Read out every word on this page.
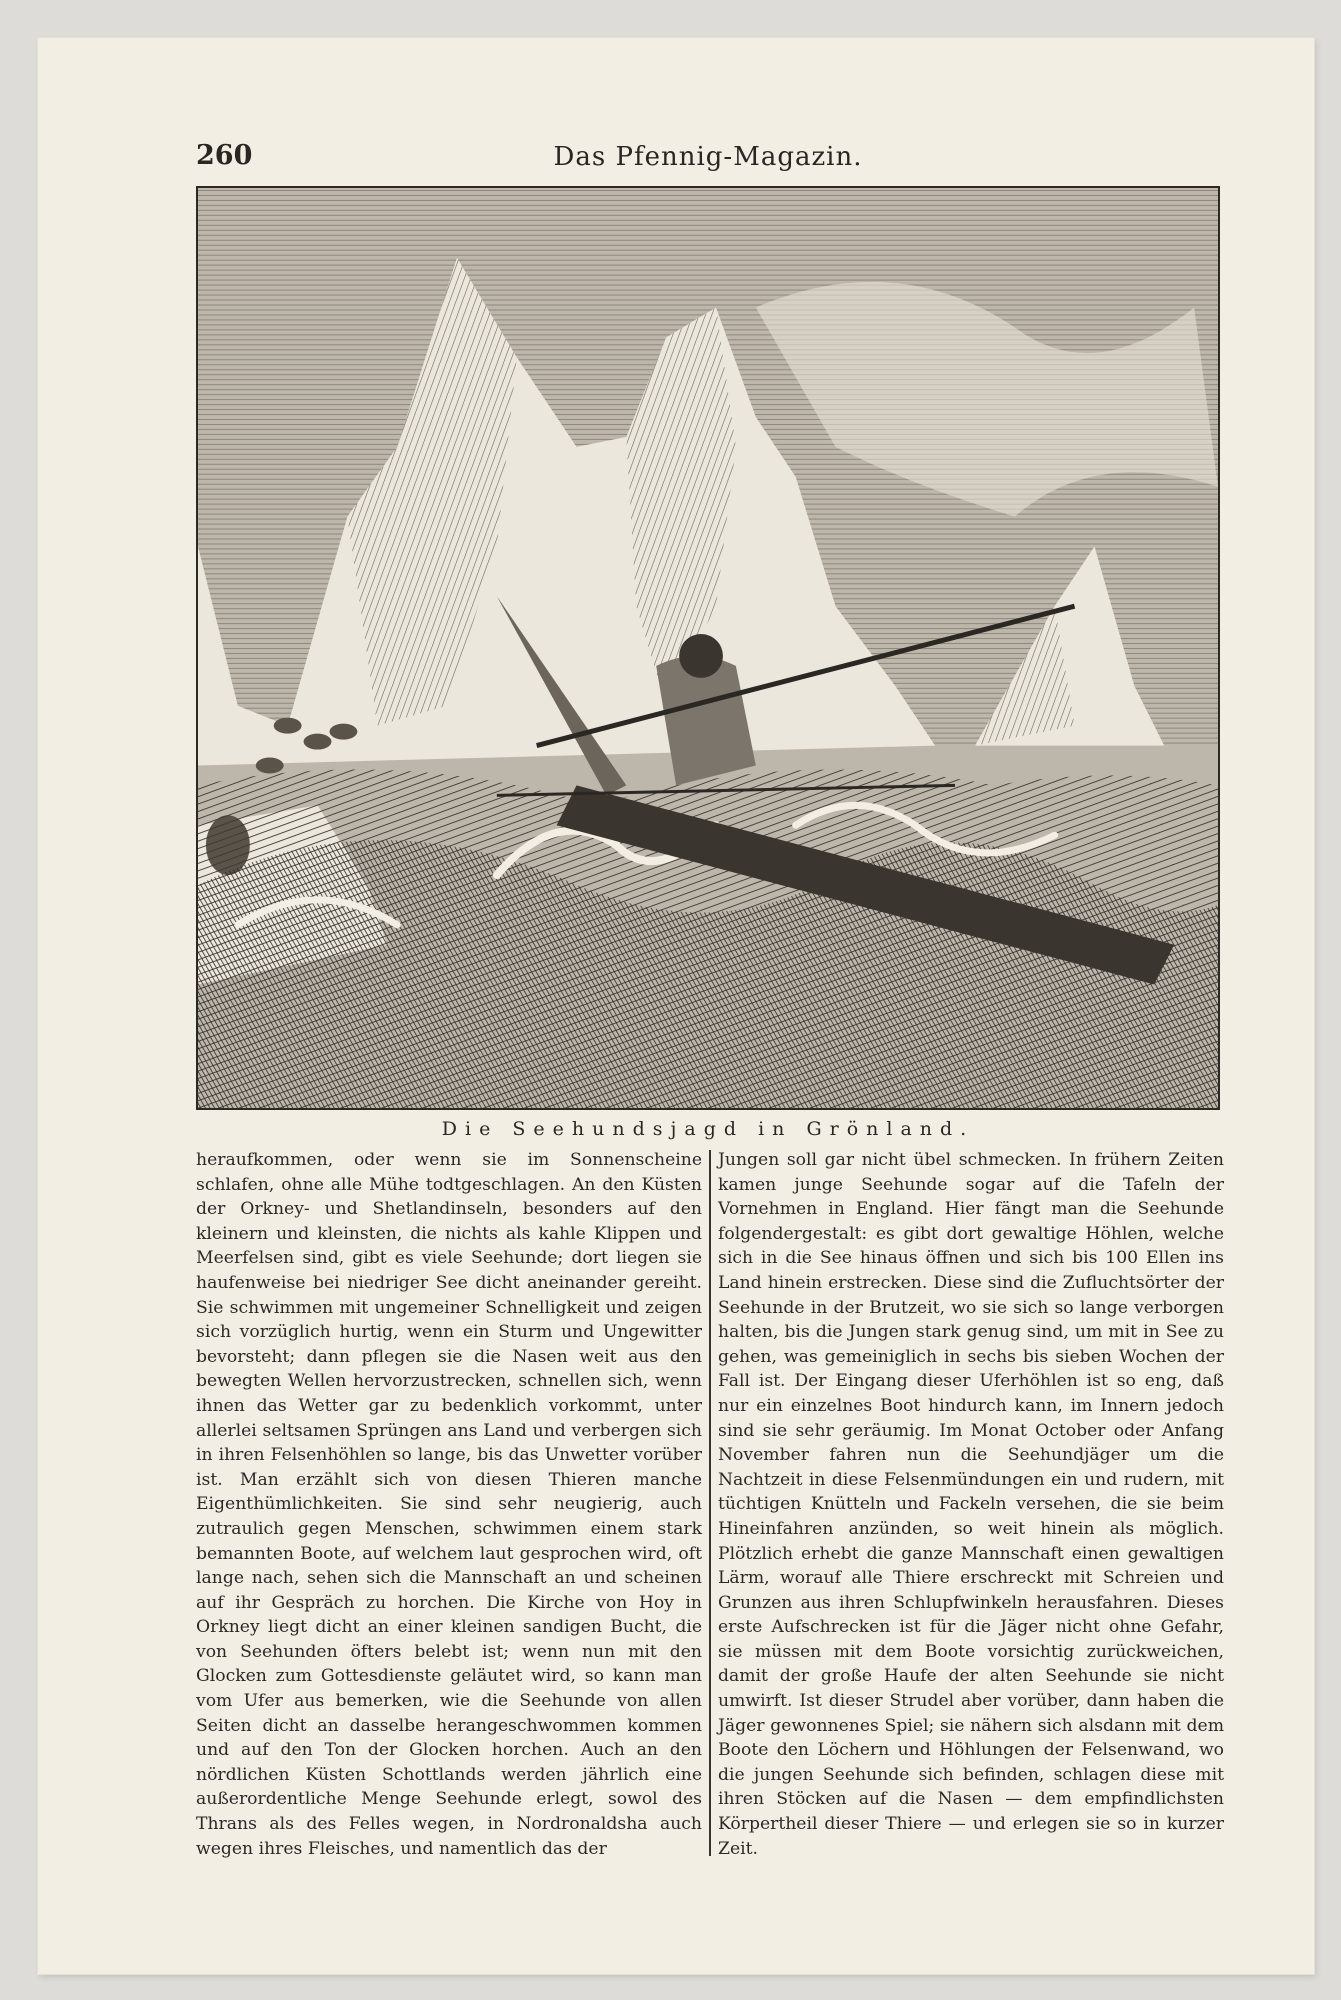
260	Das Pfennig-Magazin.
Die Seehundsjagd in Grönland.

heraufkommen, oder wenn sie im Sonnenscheine schlafen, ohne alle Mühe todtgeschlagen. An den Küsten der Orkney- und Shetlandinseln, besonders auf den kleinern und kleinsten, die nichts als kahle Klippen und Meerfelsen sind, gibt es viele Seehunde; dort liegen sie haufenweise bei niedriger See dicht aneinander gereiht. Sie schwimmen mit ungemeiner Schnelligkeit und zeigen sich vorzüglich hurtig, wenn ein Sturm und Ungewitter bevorsteht; dann pflegen sie die Nasen weit aus den bewegten Wellen hervorzustrecken, schnellen sich, wenn ihnen das Wetter gar zu bedenklich vorkommt, unter allerlei seltsamen Sprüngen ans Land und verbergen sich in ihren Felsenhöhlen so lange, bis das Unwetter vorüber ist. Man erzählt sich von diesen Thieren manche Eigenthümlichkeiten. Sie sind sehr neugierig, auch zutraulich gegen Menschen, schwimmen einem stark bemannten Boote, auf welchem laut gesprochen wird, oft lange nach, sehen sich die Mannschaft an und scheinen auf ihr Gespräch zu horchen. Die Kirche von Hoy in Orkney liegt dicht an einer kleinen sandigen Bucht, die von Seehunden öfters belebt ist; wenn nun mit den Glocken zum Gottesdienste geläutet wird, so kann man vom Ufer aus bemerken, wie die Seehunde von allen Seiten dicht an dasselbe herangeschwommen kommen und auf den Ton der Glocken horchen. Auch an den nördlichen Küsten Schottlands werden jährlich eine außerordentliche Menge Seehunde erlegt, sowol des Thrans als des Felles wegen, in Nordronaldsha auch wegen ihres Fleisches, und namentlich das der

Jungen soll gar nicht übel schmecken. In frühern Zeiten kamen junge Seehunde sogar auf die Tafeln der Vornehmen in England. Hier fängt man die Seehunde folgendergestalt: es gibt dort gewaltige Höhlen, welche sich in die See hinaus öffnen und sich bis 100 Ellen ins Land hinein erstrecken. Diese sind die Zufluchtsörter der Seehunde in der Brutzeit, wo sie sich so lange verborgen halten, bis die Jungen stark genug sind, um mit in See zu gehen, was gemeiniglich in sechs bis sieben Wochen der Fall ist. Der Eingang dieser Uferhöhlen ist so eng, daß nur ein einzelnes Boot hindurch kann, im Innern jedoch sind sie sehr geräumig. Im Monat October oder Anfang November fahren nun die Seehundjäger um die Nachtzeit in diese Felsenmündungen ein und rudern, mit tüchtigen Knütteln und Fackeln versehen, die sie beim Hineinfahren anzünden, so weit hinein als möglich. Plötzlich erhebt die ganze Mannschaft einen gewaltigen Lärm, worauf alle Thiere erschreckt mit Schreien und Grunzen aus ihren Schlupfwinkeln herausfahren. Dieses erste Aufschrecken ist für die Jäger nicht ohne Gefahr, sie müssen mit dem Boote vorsichtig zurückweichen, damit der große Haufe der alten Seehunde sie nicht umwirft. Ist dieser Strudel aber vorüber, dann haben die Jäger gewonnenes Spiel; sie nähern sich alsdann mit dem Boote den Löchern und Höhlungen der Felsenwand, wo die jungen Seehunde sich befinden, schlagen diese mit ihren Stöcken auf die Nasen — dem empfindlichsten Körpertheil dieser Thiere — und erlegen sie so in kurzer Zeit.
